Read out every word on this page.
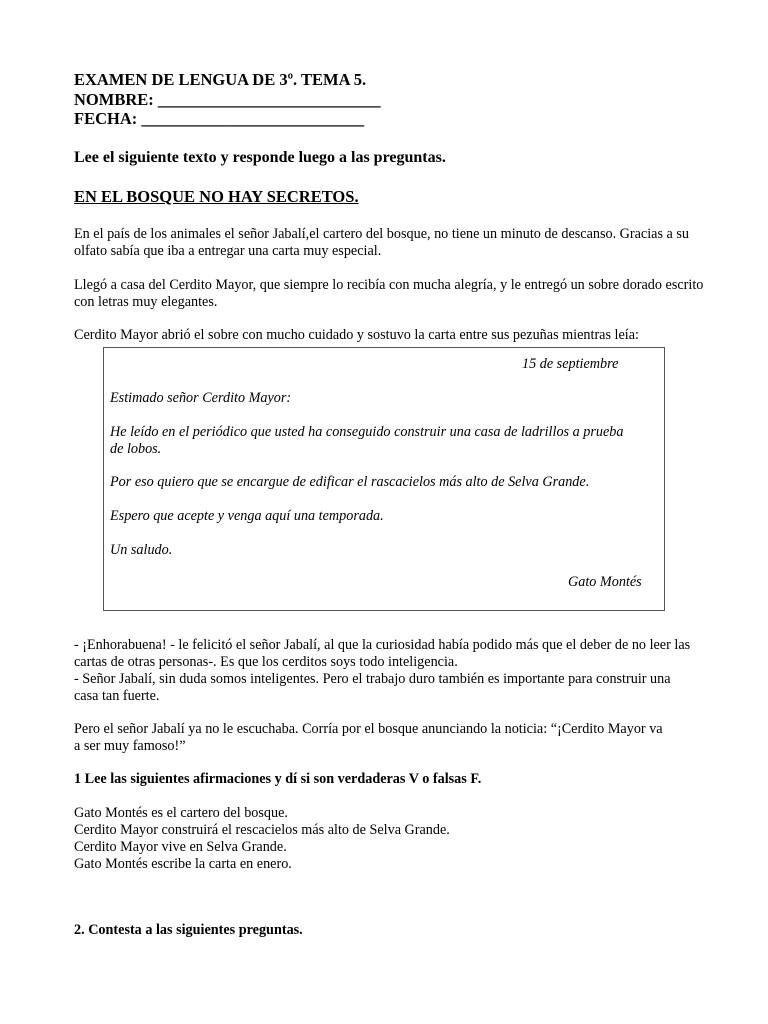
EXAMEN DE LENGUA DE 3º. TEMA 5.
NOMBRE: ___________________________
FECHA: ___________________________
Lee el siguiente texto y responde luego a las preguntas.
EN EL BOSQUE NO HAY SECRETOS.
En el país de los animales el señor Jabalí,el cartero del bosque, no tiene un minuto de descanso. Gracias a su olfato sabía que iba a entregar una carta muy especial.
Llegó a casa del Cerdito Mayor, que siempre lo recibía con mucha alegría, y le entregó un sobre dorado escrito con letras muy elegantes.
Cerdito Mayor abrió el sobre con mucho cuidado y sostuvo la carta entre sus pezuñas mientras leía:
15 de septiembre
Estimado señor Cerdito Mayor:
He leído en el periódico que usted ha conseguido construir una casa de ladrillos a prueba de lobos.
Por eso quiero que se encargue de edificar el rascacielos más alto de Selva Grande.
Espero que acepte y venga aquí una temporada.
Un saludo.
Gato Montés
- ¡Enhorabuena! - le felicitó el señor Jabalí, al que la curiosidad había podido más que el deber de no leer las cartas de otras personas-. Es que los cerditos soys todo inteligencia.
- Señor Jabalí, sin duda somos inteligentes. Pero el trabajo duro también es importante para construir una casa tan fuerte.
Pero el señor Jabalí ya no le escuchaba. Corría por el bosque anunciando la noticia: “¡Cerdito Mayor va a ser muy famoso!”
1 Lee las siguientes afirmaciones y dí si son verdaderas V o falsas F.
Gato Montés es el cartero del bosque.
Cerdito Mayor construirá el rescacielos más alto de Selva Grande.
Cerdito Mayor vive en Selva Grande.
Gato Montés escribe la carta en enero.
2. Contesta a las siguientes preguntas.
